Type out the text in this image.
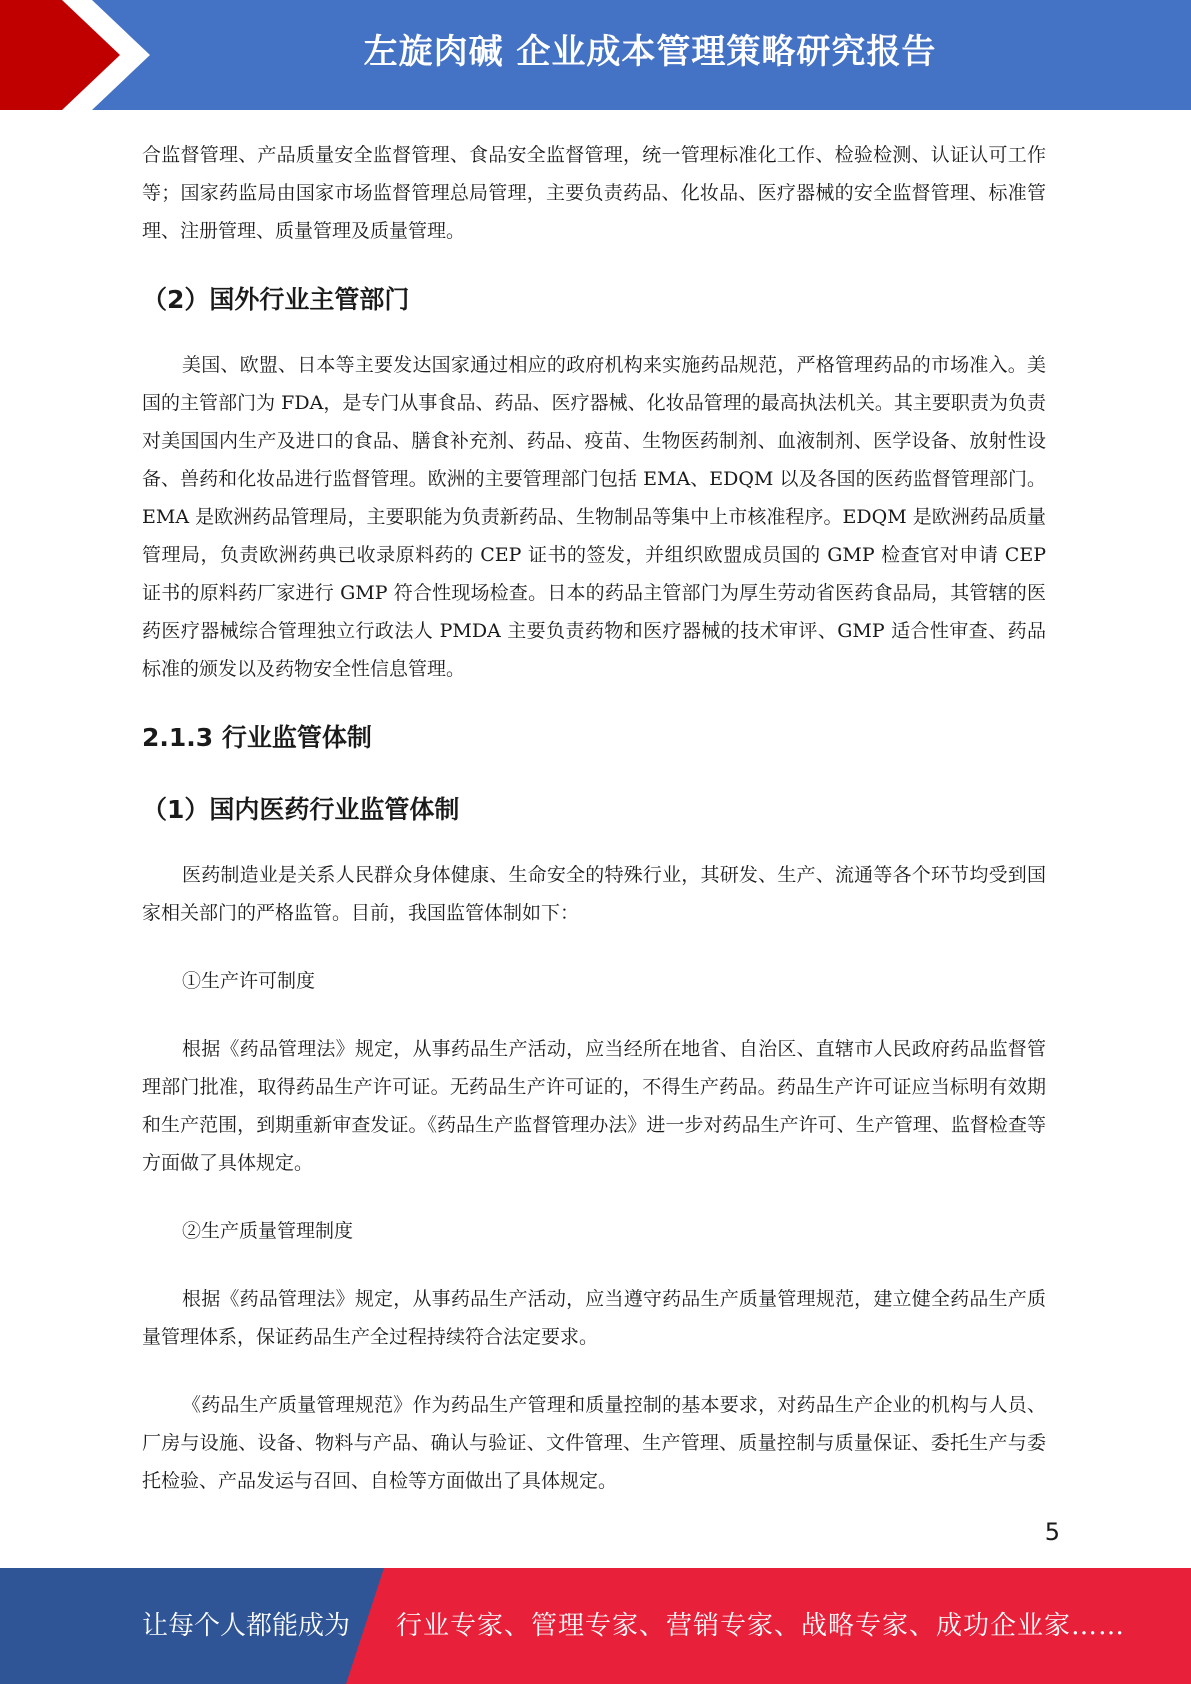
左旋肉碱 企业成本管理策略研究报告

合监督管理、产品质量安全监督管理、食品安全监督管理，统一管理标准化工作、检验检测、认证认可工作等；国家药监局由国家市场监督管理总局管理，主要负责药品、化妆品、医疗器械的安全监督管理、标准管理、注册管理、质量管理及质量管理。

（2）国外行业主管部门

美国、欧盟、日本等主要发达国家通过相应的政府机构来实施药品规范，严格管理药品的市场准入。美国的主管部门为 FDA，是专门从事食品、药品、医疗器械、化妆品管理的最高执法机关。其主要职责为负责对美国国内生产及进口的食品、膳食补充剂、药品、疫苗、生物医药制剂、血液制剂、医学设备、放射性设备、兽药和化妆品进行监督管理。欧洲的主要管理部门包括 EMA、EDQM 以及各国的医药监督管理部门。EMA 是欧洲药品管理局，主要职能为负责新药品、生物制品等集中上市核准程序。EDQM 是欧洲药品质量管理局，负责欧洲药典已收录原料药的 CEP 证书的签发，并组织欧盟成员国的 GMP 检查官对申请 CEP 证书的原料药厂家进行 GMP 符合性现场检查。日本的药品主管部门为厚生劳动省医药食品局，其管辖的医药医疗器械综合管理独立行政法人 PMDA 主要负责药物和医疗器械的技术审评、GMP 适合性审查、药品标准的颁发以及药物安全性信息管理。

2.1.3 行业监管体制
（1）国内医药行业监管体制

医药制造业是关系人民群众身体健康、生命安全的特殊行业，其研发、生产、流通等各个环节均受到国家相关部门的严格监管。目前，我国监管体制如下：

①生产许可制度

根据《药品管理法》规定，从事药品生产活动，应当经所在地省、自治区、直辖市人民政府药品监督管理部门批准，取得药品生产许可证。无药品生产许可证的，不得生产药品。药品生产许可证应当标明有效期和生产范围，到期重新审查发证。《药品生产监督管理办法》进一步对药品生产许可、生产管理、监督检查等方面做了具体规定。

②生产质量管理制度

根据《药品管理法》规定，从事药品生产活动，应当遵守药品生产质量管理规范，建立健全药品生产质量管理体系，保证药品生产全过程持续符合法定要求。

《药品生产质量管理规范》作为药品生产管理和质量控制的基本要求，对药品生产企业的机构与人员、厂房与设施、设备、物料与产品、确认与验证、文件管理、生产管理、质量控制与质量保证、委托生产与委托检验、产品发运与召回、自检等方面做出了具体规定。

5
让每个人都能成为 行业专家、管理专家、营销专家、战略专家、成功企业家……
